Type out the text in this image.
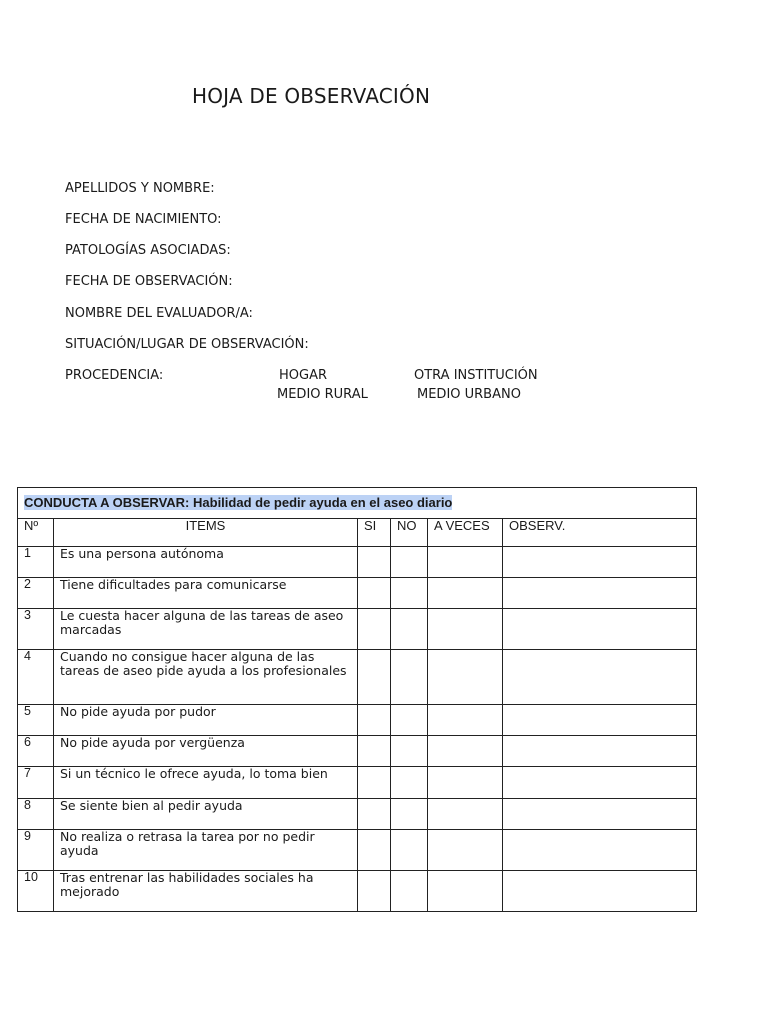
HOJA DE OBSERVACIÓN
APELLIDOS Y NOMBRE:
FECHA DE NACIMIENTO:
PATOLOGÍAS ASOCIADAS:
FECHA DE OBSERVACIÓN:
NOMBRE DEL EVALUADOR/A:
SITUACIÓN/LUGAR DE OBSERVACIÓN:
PROCEDENCIA:	HOGAR	OTRA INSTITUCIÓN
MEDIO RURAL	MEDIO URBANO
CONDUCTA A OBSERVAR: Habilidad de pedir ayuda en el aseo diario					
Nº	ITEMS	SI	NO	A VECES	OBSERV.
1	Es una persona autónoma				
2	Tiene dificultades para comunicarse				
3	Le cuesta hacer alguna de las tareas de aseo marcadas				
4	Cuando no consigue hacer alguna de las tareas de aseo pide ayuda a los profesionales				
5	No pide ayuda por pudor				
6	No pide ayuda por vergüenza				
7	Si un técnico le ofrece ayuda, lo toma bien				
8	Se siente bien al pedir ayuda				
9	No realiza o retrasa la tarea por no pedir ayuda				
10	Tras entrenar las habilidades sociales ha mejorado				
